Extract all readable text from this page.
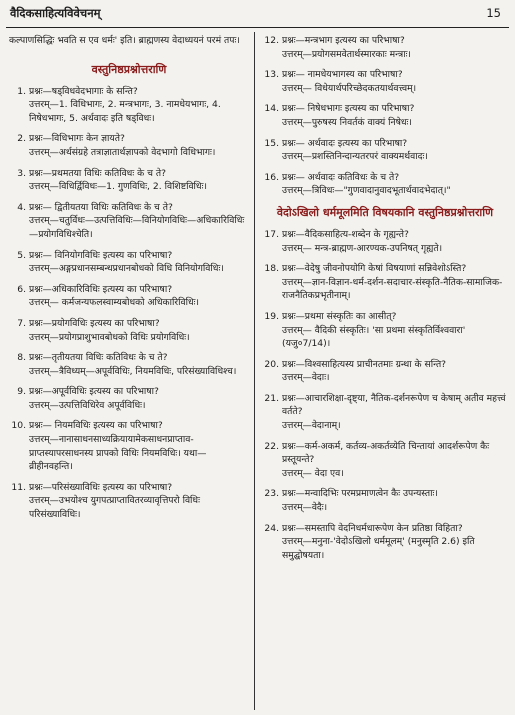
वैदिकसाहित्यविवेचनम्	15
कल्पाणसिद्धिः भवति स एव धर्मः' इति। ब्राह्मणस्य वेदाध्ययनं परमं तपः।
वस्तुनिष्ठप्रश्नोत्तराणि
1. प्रश्नः—षड्विधवेदभागाः के सन्ति?
उत्तरम्—1. विधिभागः, 2. मन्त्रभागः, 3. नामधेयभागः, 4. निषेधभागः, 5. अर्थवादः इति षड्विधः।
2. प्रश्नः—विधिभागः केन ज्ञायते?
उत्तरम्—अर्थसंग्रहे तत्राज्ञातार्थज्ञापको वेदभागो विधिभागः।
3. प्रश्नः—प्रथमतया विधिः कतिविधः के च ते?
उत्तरम्—विधिर्द्विविधः—1. गुणविधिः, 2. विशिष्टविधिः।
4. प्रश्नः— द्वितीयतया विधिः कतिविधः के च ते?
उत्तरम्—चतुर्विधः—उत्पत्तिविधिः—विनियोगविधिः—अधिकारिविधिः—प्रयोगविधिश्चेति।
5. प्रश्नः— विनियोगविधिः इत्यस्य का परिभाषा?
उत्तरम्—अङ्गप्रधानसम्बन्धप्रधानबोधको विधि विनियोगविधिः।
6. प्रश्नः—अधिकारिविधिः इत्यस्य का परिभाषा?
उत्तरम्— कर्मजन्यफलस्वाम्यबोधको अधिकारिविधिः।
7. प्रश्नः—प्रयोगविधिः इत्यस्य का परिभाषा?
उत्तरम्—प्रयोगप्राशुभावबोधको विधिः प्रयोगविधिः।
8. प्रश्नः—तृतीयतया विधिः कतिविधः के च ते?
उत्तरम्—त्रैविध्यम्—अपूर्वविधिः, नियमविधिः, परिसंख्याविधिश्च।
9. प्रश्नः—अपूर्वविधिः इत्यस्य का परिभाषा?
उत्तरम्—उत्पत्तिविधिरेव अपूर्वविधिः।
10. प्रश्नः— नियमविधिः इत्यस्य का परिभाषा?
उत्तरम्—नानासाधनसाध्यक्रियायामेकसाधनप्राप्ताव-प्राप्तस्यापरसाधनस्य प्रापको विधिः नियमविधिः। यथा—व्रीहीनवहन्ति।
11. प्रश्नः—परिसंख्याविधिः इत्यस्य का परिभाषा?
उत्तरम्—उभयोश्च युगपत्प्राप्तावितरव्यावृत्तिपरो विधिः परिसंख्याविधिः।
12. प्रश्नः—मन्त्रभाग इत्यस्य का परिभाषा?
उत्तरम्—प्रयोगसमवेतार्थस्मारकाः मन्त्राः।
13. प्रश्नः— नामधेयभागस्य का परिभाषा?
उत्तरम्— विधेयार्थपरिच्छेदकतयार्थवत्त्वम्।
14. प्रश्नः— निषेधभागः इत्यस्य का परिभाषा?
उत्तरम्—पुरुषस्य निवर्तकं वाक्यं निषेधः।
15. प्रश्नः— अर्थवादः इत्यस्य का परिभाषा?
उत्तरम्—प्रशस्तिनिन्दान्यतरपरं वाक्यमर्थवादः।
16. प्रश्नः— अर्थवादः कतिविधः के च ते?
उत्तरम्—त्रिविधः—"गुणवादानुवादभूतार्थवादभेदात्।"
वेदोऽखिलो धर्ममूलमिति विषयकानि वस्तुनिष्ठप्रश्नोत्तराणि
17. प्रश्नः—वैदिकसाहित्य-शब्देन के गृह्यन्ते?
उत्तरम्— मन्त्र-ब्राह्मण-आरण्यक-उपनिषत् गृह्यते।
18. प्रश्नः—वेदेषु जीवनोपयोगि केषां विषयाणां सन्निवेशोऽस्ति?
उत्तरम्—ज्ञान-विज्ञान-धर्म-दर्शन-सदाचार-संस्कृति-नैतिक-सामाजिक-राजनैतिकप्रभृतीनाम्।
19. प्रश्नः—प्रथमा संस्कृतिः का आसीत्?
उत्तरम्— वैदिकी संस्कृतिः। 'सा प्रथमा संस्कृतिर्विश्ववारा' (यजु०7/14)।
20. प्रश्नः—विश्वसाहित्यस्य प्राचीनतमाः ग्रन्था के सन्ति?
उत्तरम्—वेदाः।
21. प्रश्नः—आचारशिक्षा-दृष्ट्या, नैतिक-दर्शनरूपेण च केषाम् अतीव महत्त्वं वर्तते?
उत्तरम्—वेदानाम्।
22. प्रश्नः—कर्म-अकर्म, कर्तव्य-अकर्तव्येति चिन्तायां आदर्शरूपेण कैः प्रस्तूयन्ते?
उत्तरम्— वेदा एव।
23. प्रश्नः—मन्वादिभिः परमप्रमाणत्वेन कैः उपन्यस्ताः।
उत्तरम्—वेदैः।
24. प्रश्नः—समस्तापि वेदनिधर्मधारूपेण केन प्रतिष्ठा विहिता?
उत्तरम्—मनुना-'वेदोऽखिलो धर्ममूलम्' (मनुस्मृति 2.6) इति समुद्घोषयता।
